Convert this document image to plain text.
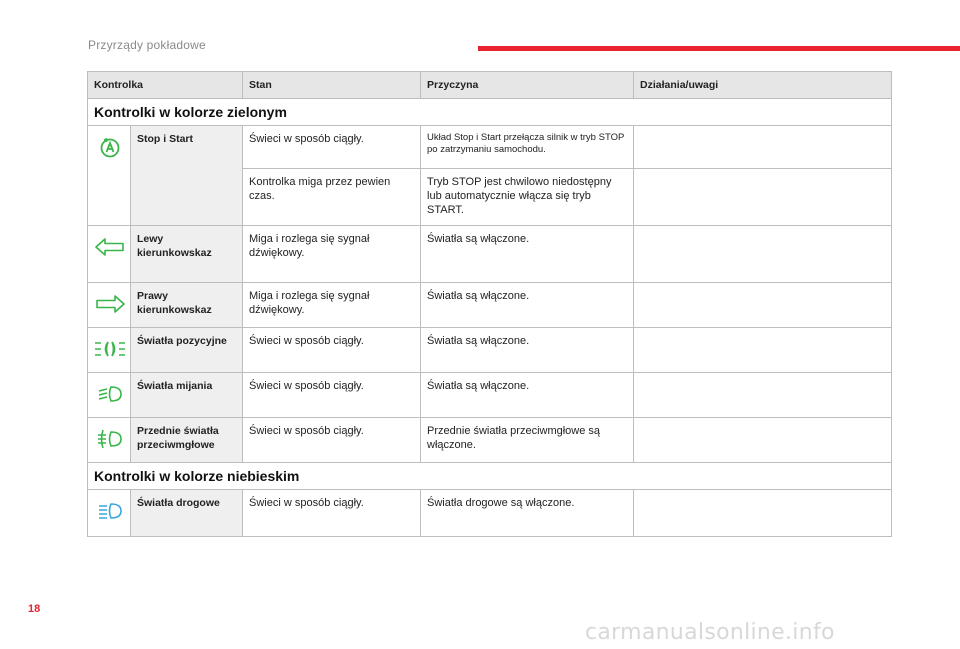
Przyrządy pokładowe
Kontrolka		Stan	Przyczyna	Działania/uwagi
Kontrolki w kolorze zielonym				
	Stop i Start	Świeci w sposób ciągły.	Układ Stop i Start przełącza silnik w tryb STOP po zatrzymaniu samochodu.	
		Kontrolka miga przez pewien czas.	Tryb STOP jest chwilowo niedostępny lub automatycznie włącza się tryb START.	
	Lewy kierunkowskaz	Miga i rozlega się sygnał dźwiękowy.	Światła są włączone.	
	Prawy kierunkowskaz	Miga i rozlega się sygnał dźwiękowy.	Światła są włączone.	
	Światła pozycyjne	Świeci w sposób ciągły.	Światła są włączone.	
	Światła mijania	Świeci w sposób ciągły.	Światła są włączone.	
	Przednie światła przeciwmgłowe	Świeci w sposób ciągły.	Przednie światła przeciwmgłowe są włączone.	
Kontrolki w kolorze niebieskim				
	Światła drogowe	Świeci w sposób ciągły.	Światła drogowe są włączone.	
18
carmanualsonline.info
